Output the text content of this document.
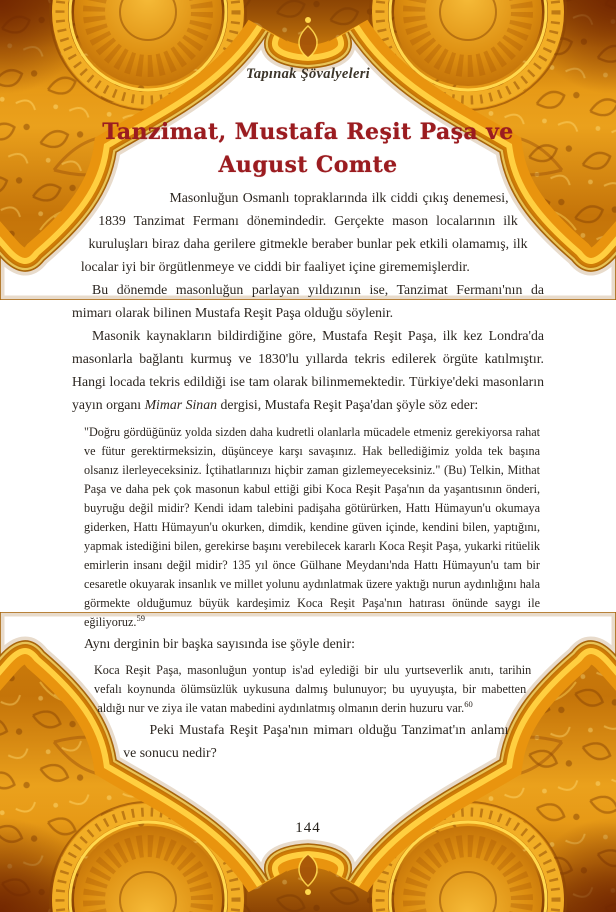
Tapınak Şövalyeleri
Tanzimat, Mustafa Reşit Paşa ve
August Comte

Masonluğun Osmanlı topraklarında ilk ciddi çıkış denemesi, 1839 Tanzimat Fermanı dönemindedir. Gerçekte mason localarının ilk kuruluşları biraz daha gerilere gitmekle beraber bunlar pek etkili olamamış, ilk localar iyi bir örgütlenmeye ve ciddi bir faaliyet içine girememişlerdir.

Bu dönemde masonluğun parlayan yıldızının ise, Tanzimat Fermanı'nın da mimarı olarak bilinen Mustafa Reşit Paşa olduğu söylenir.

Masonik kaynakların bildirdiğine göre, Mustafa Reşit Paşa, ilk kez Londra'da masonlarla bağlantı kurmuş ve 1830'lu yıllarda tekris edilerek örgüte katılmıştır. Hangi locada tekris edildiği ise tam olarak bilinmemektedir. Türkiye'deki masonların yayın organı Mimar Sinan dergisi, Mustafa Reşit Paşa'dan şöyle söz eder:

"Doğru gördüğünüz yolda sizden daha kudretli olanlarla mücadele etmeniz gerekiyorsa rahat ve fütur gerektirmeksizin, düşünceye karşı savaşınız. Hak bellediğimiz yolda tek başına olsanız ilerleyeceksiniz. İçtihatlarınızı hiçbir zaman gizlemeyeceksiniz." (Bu) Telkin, Mithat Paşa ve daha pek çok masonun kabul ettiği gibi Koca Reşit Paşa'nın da yaşantısının önderi, buyruğu değil midir? Kendi idam talebini padişaha götürürken, Hattı Hümayun'u okumaya giderken, Hattı Hümayun'u okurken, dimdik, kendine güven içinde, kendini bilen, yaptığını, yapmak istediğini bilen, gerekirse başını verebilecek kararlı Koca Reşit Paşa, yukarki ritüelik emirlerin insanı değil midir? 135 yıl önce Gülhane Meydanı'nda Hattı Hümayun'u tam bir cesaretle okuyarak insanlık ve millet yolunu aydınlatmak üzere yaktığı nurun aydınlığını hala görmekte olduğumuz büyük kardeşimiz Koca Reşit Paşa'nın hatırası önünde saygı ile eğiliyoruz.$^{59}$

Aynı derginin bir başka sayısında ise şöyle denir:

Koca Reşit Paşa, masonluğun yontup is'ad eylediği bir ulu yurtseverlik anıtı, tarihin vefalı koynunda ölümsüzlük uykusuna dalmış bulunuyor; bu uyuyuşta, bir mabetten aldığı nur ve ziya ile vatan mabedini aydınlatmış olmanın derin huzuru var.$^{60}$

Peki Mustafa Reşit Paşa'nın mimarı olduğu Tanzimat'ın anlamı ve sonucu nedir?

144
